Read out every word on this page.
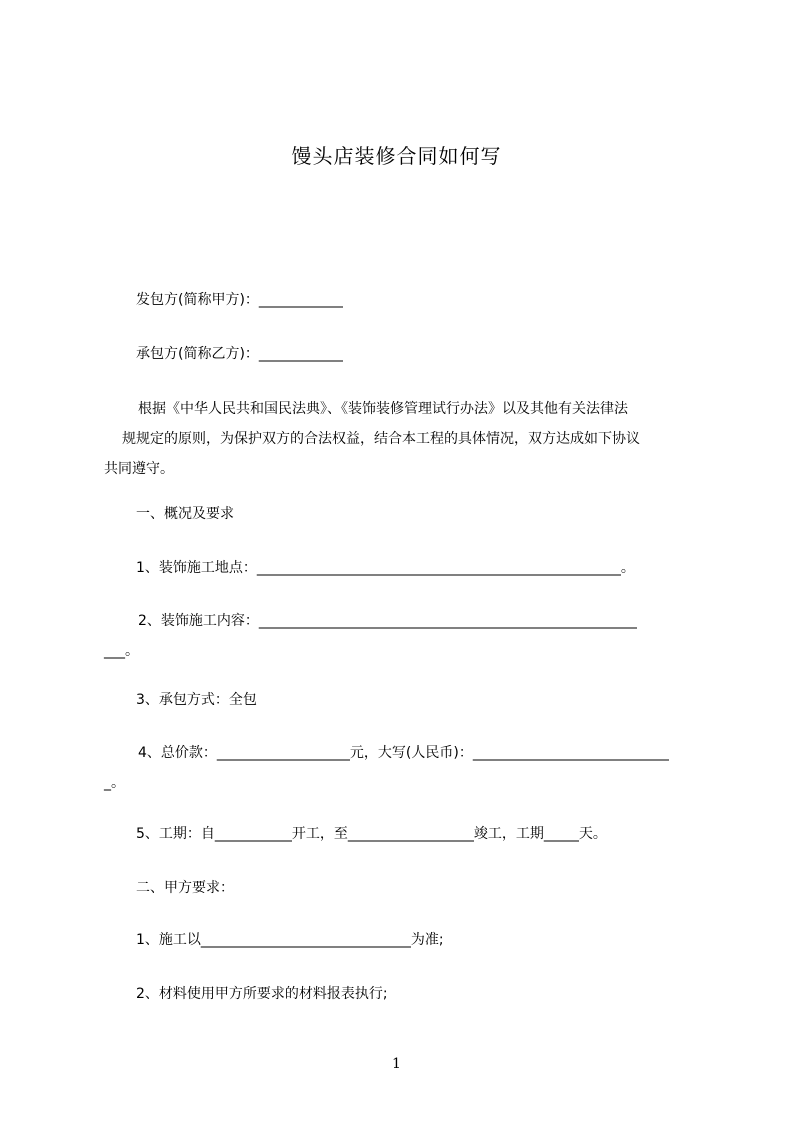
馒头店装修合同如何写
发包方(简称甲方)：____________
承包方(简称乙方)：____________
根据《中华人民共和国民法典》、《装饰装修管理试行办法》以及其他有关法律法
规规定的原则，为保护双方的合法权益，结合本工程的具体情况，双方达成如下协议
共同遵守。
一、概况及要求
1、装饰施工地点：____________________________________________________。
2、装饰施工内容：______________________________________________________
___。
3、承包方式：全包
4、总价款：___________________元，大写(人民币)：____________________________
_。
5、工期：自___________开工，至__________________竣工，工期_____天。
二、甲方要求：
1、施工以______________________________为准;
2、材料使用甲方所要求的材料报表执行;
1
